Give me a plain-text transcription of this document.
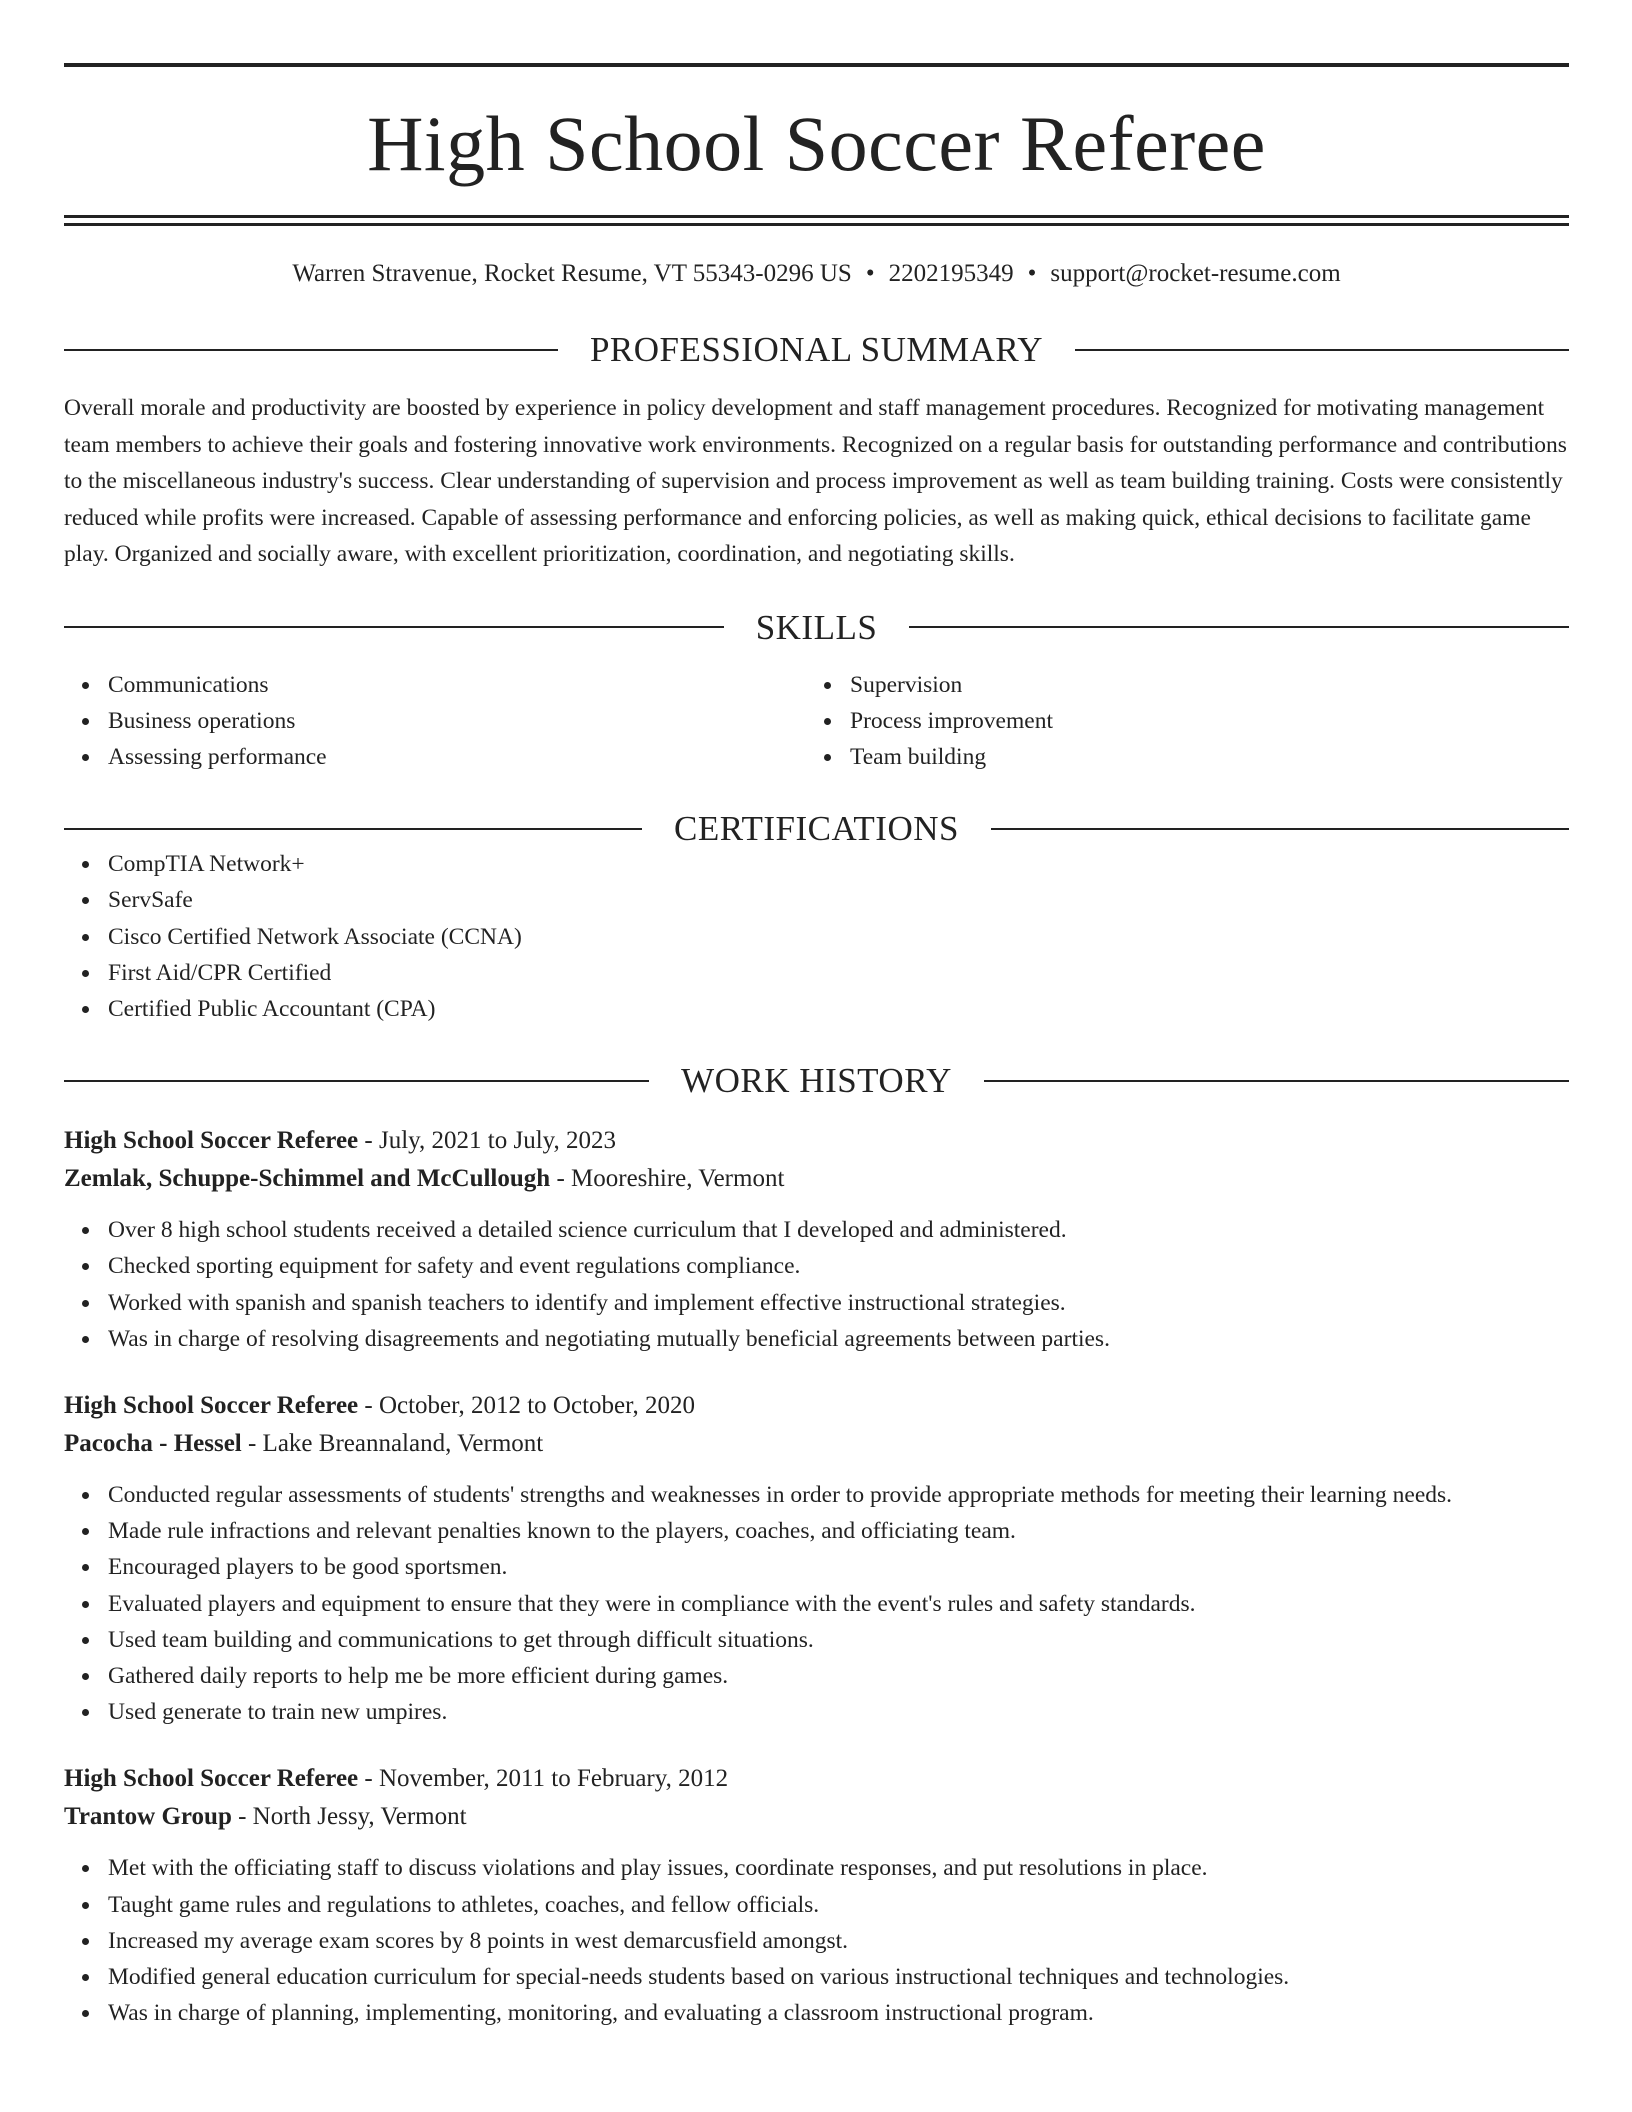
High School Soccer Referee
Warren Stravenue, Rocket Resume, VT 55343-0296 US • 2202195349 • support@rocket-resume.com
PROFESSIONAL SUMMARY

Overall morale and productivity are boosted by experience in policy development and staff management procedures. Recognized for motivating management team members to achieve their goals and fostering innovative work environments. Recognized on a regular basis for outstanding performance and contributions to the miscellaneous industry's success. Clear understanding of supervision and process improvement as well as team building training. Costs were consistently reduced while profits were increased. Capable of assessing performance and enforcing policies, as well as making quick, ethical decisions to facilitate game play. Organized and socially aware, with excellent prioritization, coordination, and negotiating skills.

SKILLS
Communications
Business operations
Assessing performance
Supervision
Process improvement
Team building
CERTIFICATIONS
CompTIA Network+
ServSafe
Cisco Certified Network Associate (CCNA)
First Aid/CPR Certified
Certified Public Accountant (CPA)
WORK HISTORY
High School Soccer Referee - July, 2021 to July, 2023
Zemlak, Schuppe-Schimmel and McCullough - Mooreshire, Vermont
Over 8 high school students received a detailed science curriculum that I developed and administered.
Checked sporting equipment for safety and event regulations compliance.
Worked with spanish and spanish teachers to identify and implement effective instructional strategies.
Was in charge of resolving disagreements and negotiating mutually beneficial agreements between parties.
High School Soccer Referee - October, 2012 to October, 2020
Pacocha - Hessel - Lake Breannaland, Vermont
Conducted regular assessments of students' strengths and weaknesses in order to provide appropriate methods for meeting their learning needs.
Made rule infractions and relevant penalties known to the players, coaches, and officiating team.
Encouraged players to be good sportsmen.
Evaluated players and equipment to ensure that they were in compliance with the event's rules and safety standards.
Used team building and communications to get through difficult situations.
Gathered daily reports to help me be more efficient during games.
Used generate to train new umpires.
High School Soccer Referee - November, 2011 to February, 2012
Trantow Group - North Jessy, Vermont
Met with the officiating staff to discuss violations and play issues, coordinate responses, and put resolutions in place.
Taught game rules and regulations to athletes, coaches, and fellow officials.
Increased my average exam scores by 8 points in west demarcusfield amongst.
Modified general education curriculum for special-needs students based on various instructional techniques and technologies.
Was in charge of planning, implementing, monitoring, and evaluating a classroom instructional program.
